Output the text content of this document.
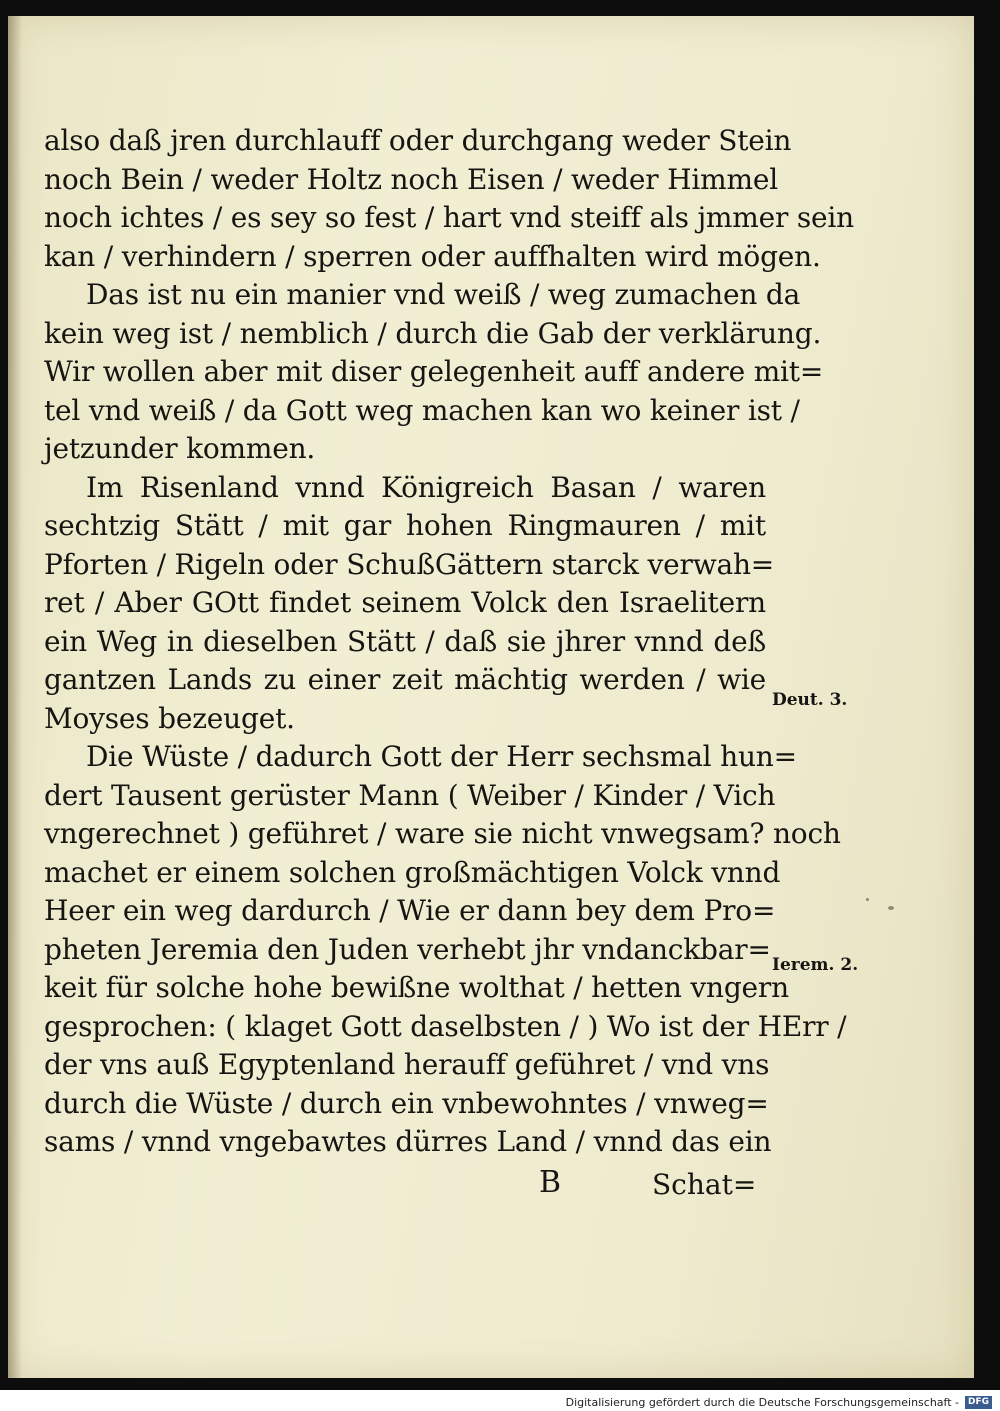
also daß jren durchlauff oder durchgang weder Stein
noch Bein / weder Holtz noch Eisen / weder Himmel
noch ichtes / es sey so fest / hart vnd steiff als jmmer sein
kan / verhindern / sperren oder auffhalten wird mögen.
Das ist nu ein manier vnd weiß / weg zumachen da
kein weg ist / nemblich / durch die Gab der verklärung.
Wir wollen aber mit diser gelegenheit auff andere mit=
tel vnd weiß / da Gott weg machen kan wo keiner ist /
jetzunder kommen.
Im Risenland vnnd Königreich Basan / waren
sechtzig Stätt / mit gar hohen Ringmauren / mit
Pforten / Rigeln oder SchußGättern starck verwah=
ret / Aber GOtt findet seinem Volck den Israelitern
ein Weg in dieselben Stätt / daß sie jhrer vnnd deß
gantzen Lands zu einer zeit mächtig werden / wie
Moyses bezeuget.
Die Wüste / dadurch Gott der Herr sechsmal hun=
dert Tausent gerüster Mann ( Weiber / Kinder / Vich
vngerechnet ) geführet / ware sie nicht vnwegsam? noch
machet er einem solchen großmächtigen Volck vnnd
Heer ein weg dardurch / Wie er dann bey dem Pro=
pheten Jeremia den Juden verhebt jhr vndanckbar=
keit für solche hohe bewißne wolthat / hetten vngern
gesprochen: ( klaget Gott daselbsten / ) Wo ist der HErr /
der vns auß Egyptenland herauff geführet / vnd vns
durch die Wüste / durch ein vnbewohntes / vnweg=
sams / vnnd vngebawtes dürres Land / vnnd das ein
Deut. 3.
Ierem. 2.
B	Schat=
Digitalisierung gefördert durch die Deutsche Forschungsgemeinschaft -	DFG
